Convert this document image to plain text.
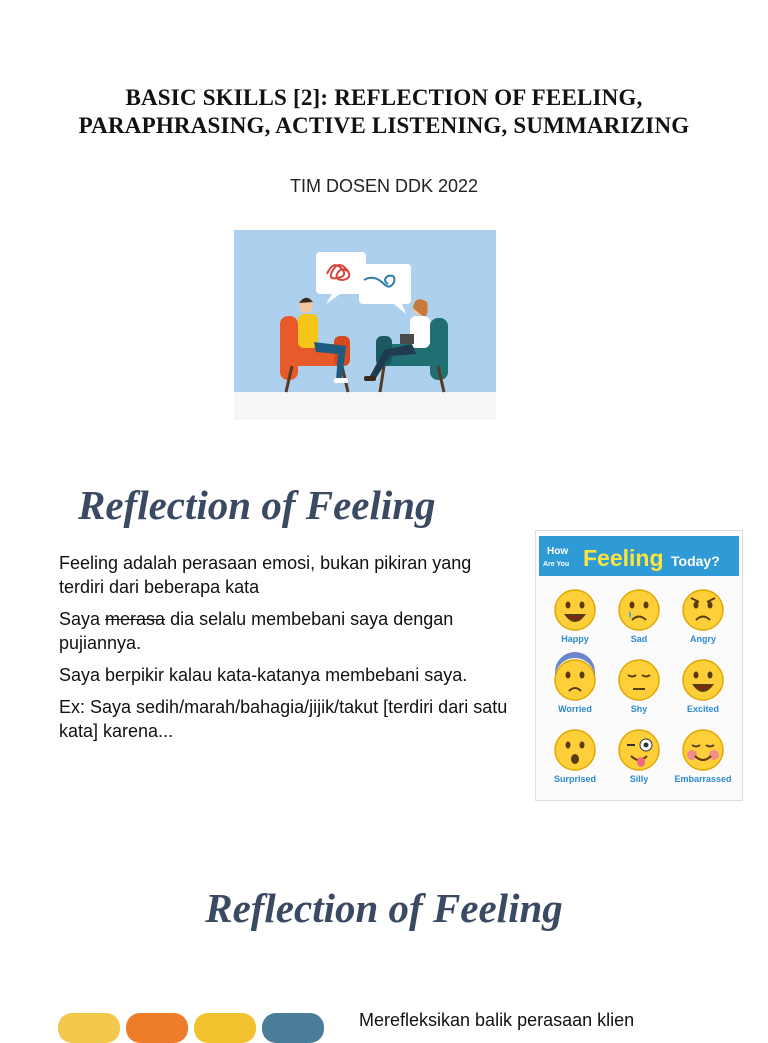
BASIC SKILLS [2]: REFLECTION OF FEELING,
PARAPHRASING, ACTIVE LISTENING, SUMMARIZING
TIM DOSEN DDK 2022
Reflection of Feeling

Feeling adalah perasaan emosi, bukan pikiran yang terdiri dari beberapa kata

Saya merasa dia selalu membebani saya dengan pujiannya.

Saya berpikir kalau kata-katanya membebani saya.

Ex: Saya sedih/marah/bahagia/jijik/takut [terdiri dari satu kata] karena...

How
Are You Feeling Today?
Happy	Sad	Angry
Worried	Shy	Excited
Surprised	Silly	Embarrassed
Reflection of Feeling
Merefleksikan balik perasaan klien
